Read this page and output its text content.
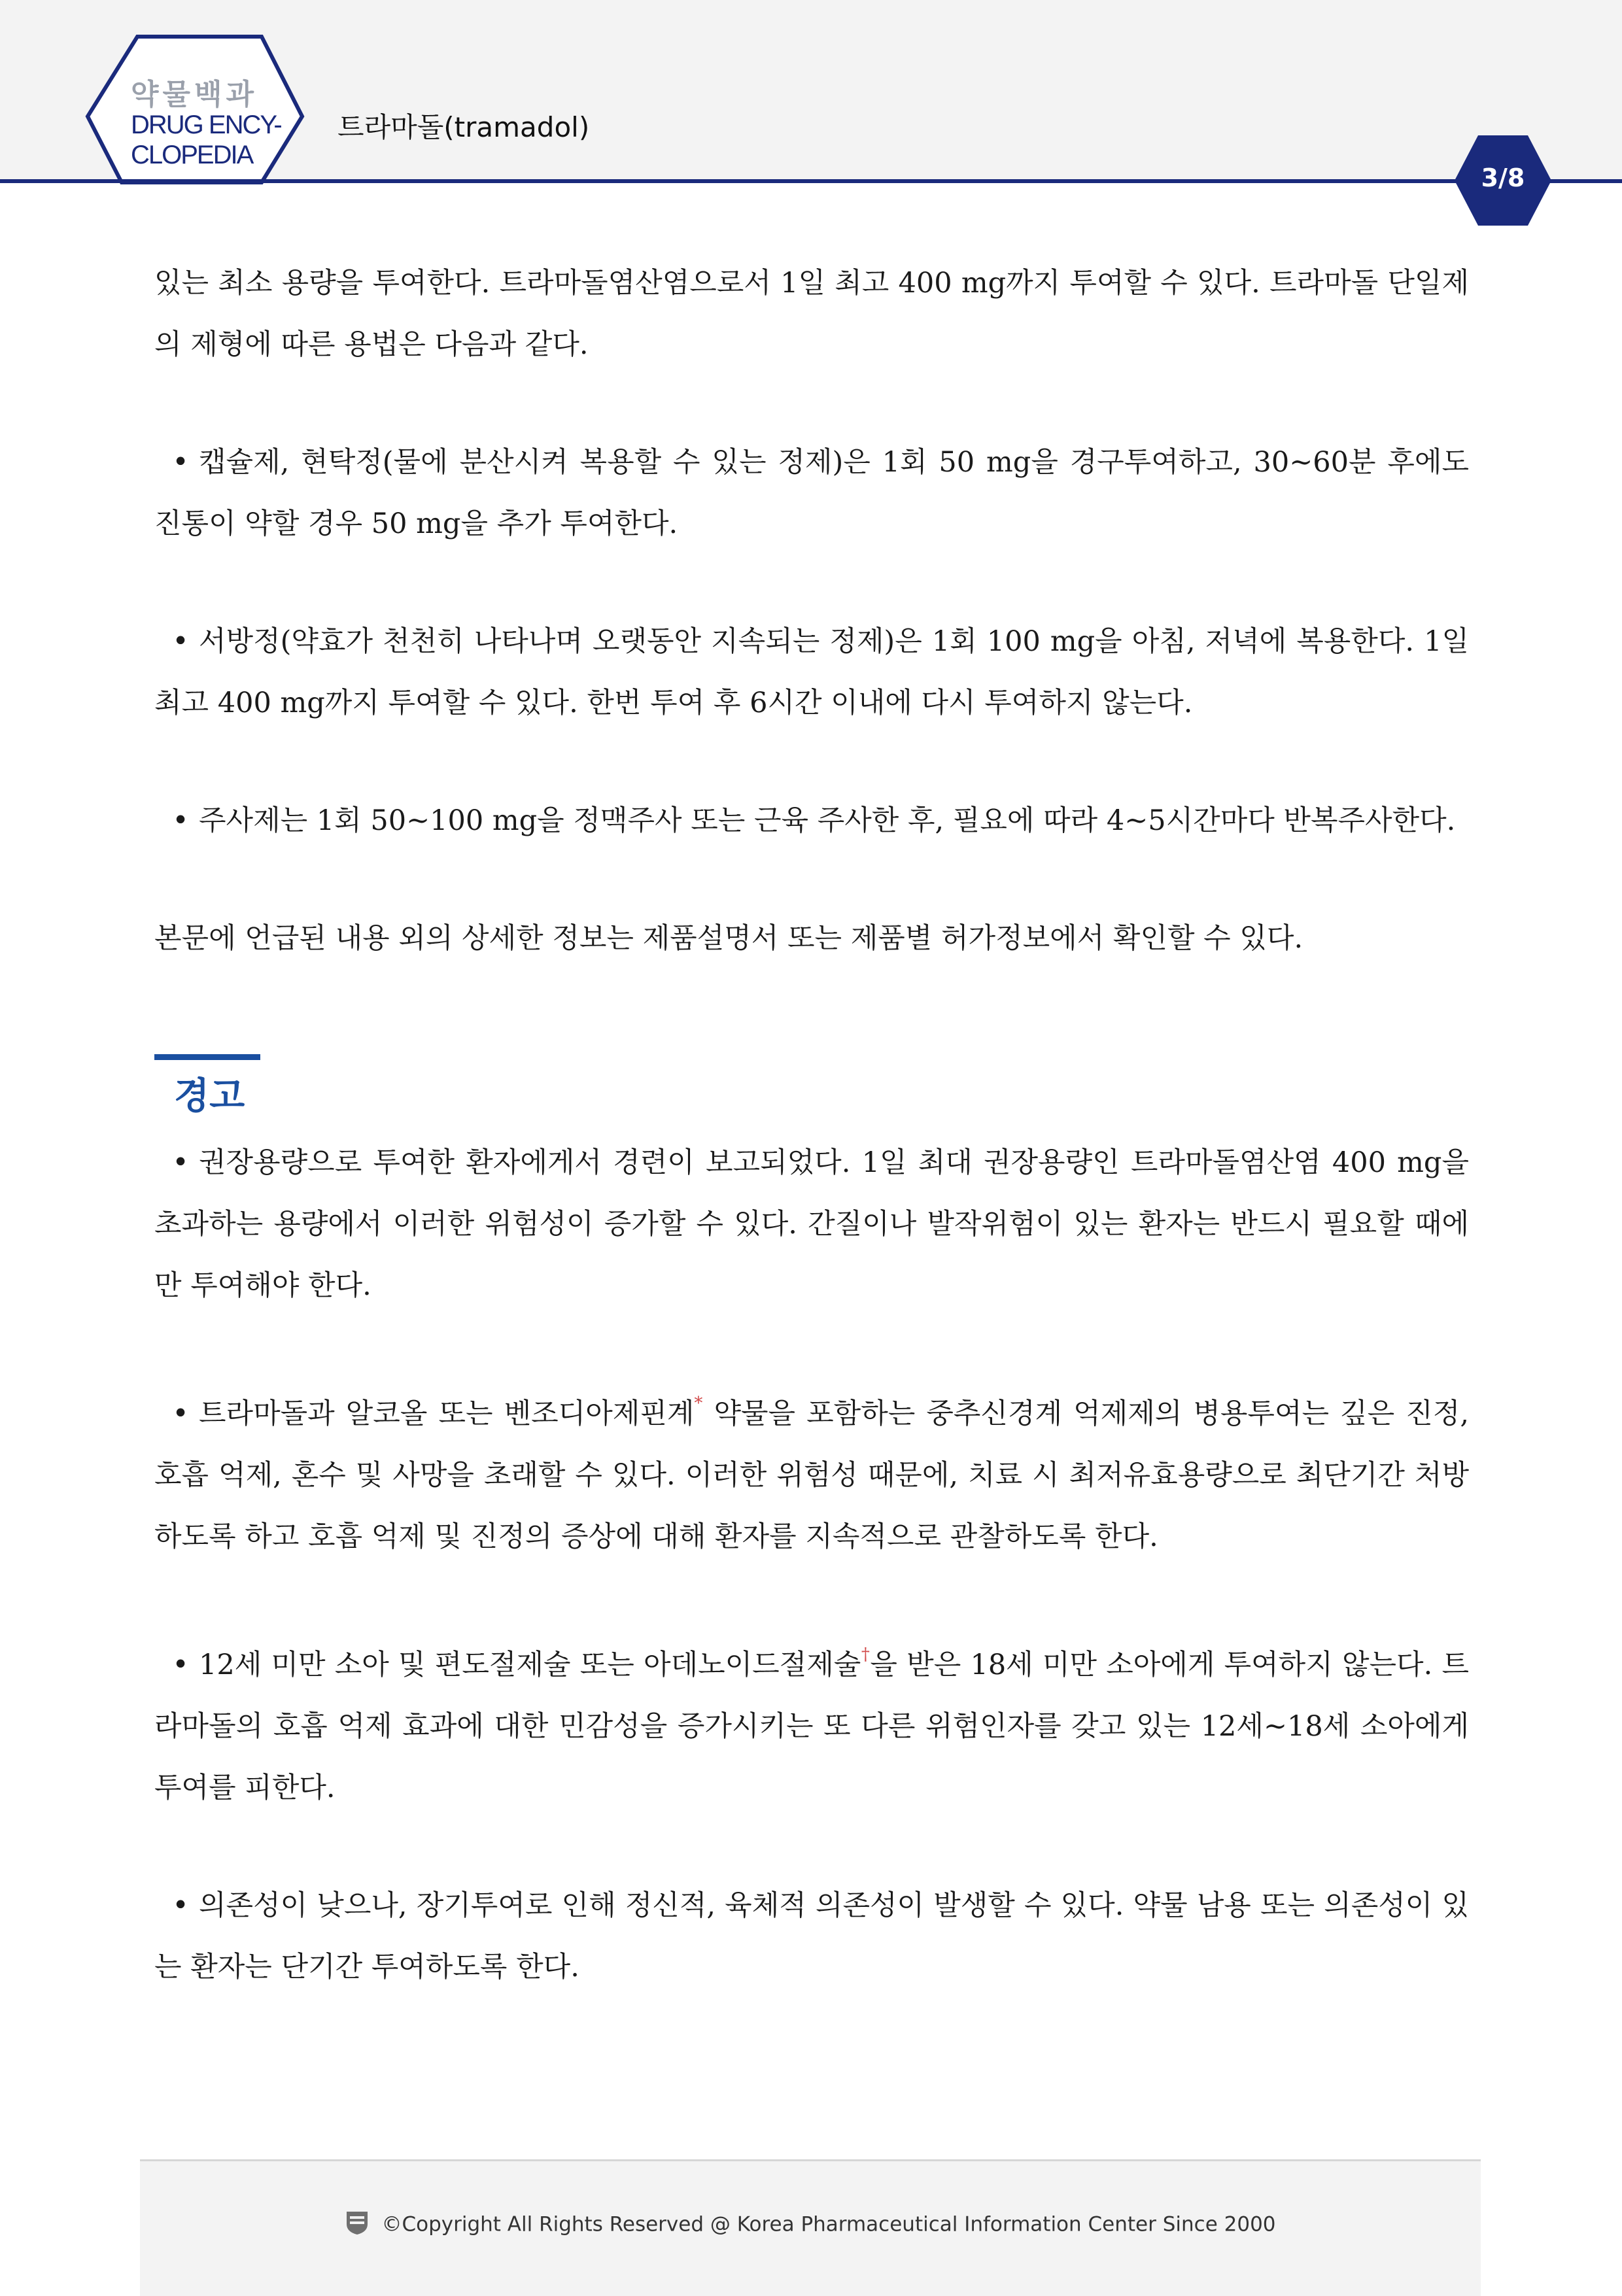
약물백과
DRUG ENCY-
CLOPEDIA
트라마돌(tramadol)
3/8

있는 최소 용량을 투여한다. 트라마돌염산염으로서 1일 최고 400 mg까지 투여할 수 있다. 트라마돌 단일제의 제형에 따른 용법은 다음과 같다.

• 캡슐제, 현탁정(물에 분산시켜 복용할 수 있는 정제)은 1회 50 mg을 경구투여하고, 30~60분 후에도 진통이 약할 경우 50 mg을 추가 투여한다.

• 서방정(약효가 천천히 나타나며 오랫동안 지속되는 정제)은 1회 100 mg을 아침, 저녁에 복용한다. 1일 최고 400 mg까지 투여할 수 있다. 한번 투여 후 6시간 이내에 다시 투여하지 않는다.

• 주사제는 1회 50~100 mg을 정맥주사 또는 근육 주사한 후, 필요에 따라 4~5시간마다 반복주사한다.

본문에 언급된 내용 외의 상세한 정보는 제품설명서 또는 제품별 허가정보에서 확인할 수 있다.

경고

• 권장용량으로 투여한 환자에게서 경련이 보고되었다. 1일 최대 권장용량인 트라마돌염산염 400 mg을 초과하는 용량에서 이러한 위험성이 증가할 수 있다. 간질이나 발작위험이 있는 환자는 반드시 필요할 때에만 투여해야 한다.

• 트라마돌과 알코올 또는 벤조디아제핀계* 약물을 포함하는 중추신경계 억제제의 병용투여는 깊은 진정, 호흡 억제, 혼수 및 사망을 초래할 수 있다. 이러한 위험성 때문에, 치료 시 최저유효용량으로 최단기간 처방하도록 하고 호흡 억제 및 진정의 증상에 대해 환자를 지속적으로 관찰하도록 한다.

• 12세 미만 소아 및 편도절제술 또는 아데노이드절제술†을 받은 18세 미만 소아에게 투여하지 않는다. 트라마돌의 호흡 억제 효과에 대한 민감성을 증가시키는 또 다른 위험인자를 갖고 있는 12세~18세 소아에게 투여를 피한다.

• 의존성이 낮으나, 장기투여로 인해 정신적, 육체적 의존성이 발생할 수 있다. 약물 남용 또는 의존성이 있는 환자는 단기간 투여하도록 한다.

©Copyright All Rights Reserved @ Korea Pharmaceutical Information Center Since 2000
